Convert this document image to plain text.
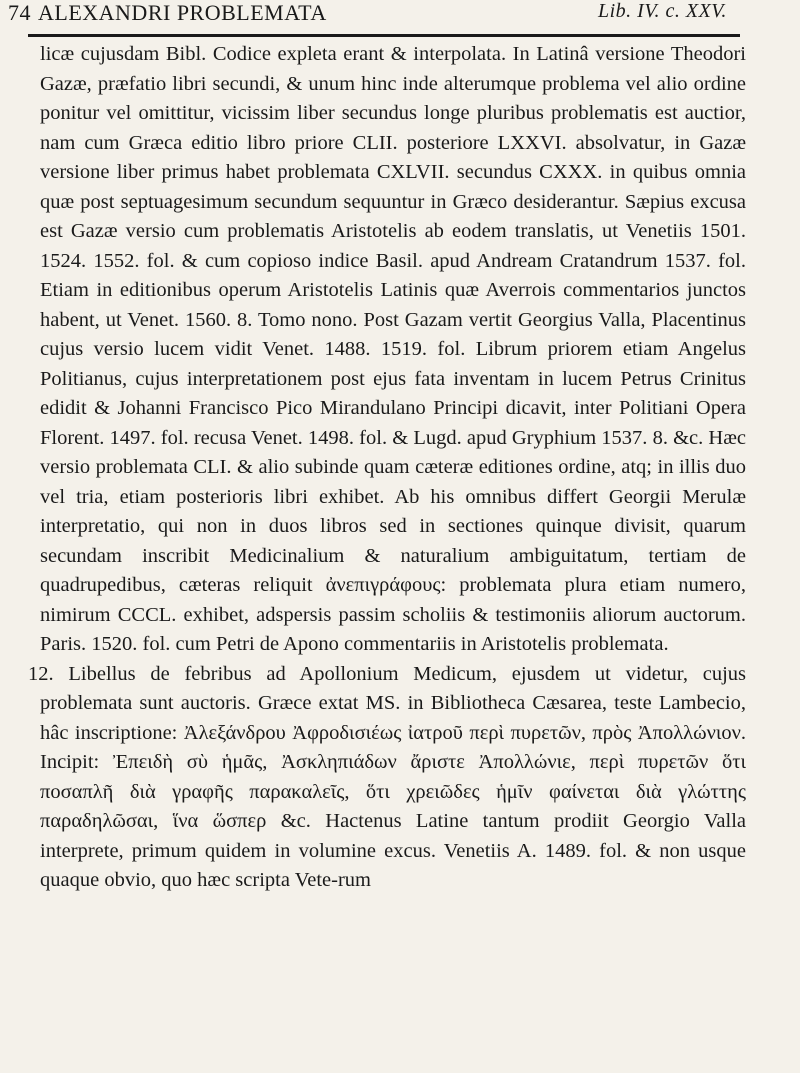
74 ALEXANDRI PROBLEMATA	Lib. IV. c. XXV.

licæ cujusdam Bibl. Codice expleta erant & interpolata. In Latinâ versione Theodori Gazæ, præfatio libri secundi, & unum hinc inde alterumque problema vel alio ordine ponitur vel omittitur, vicissim liber secundus longe pluribus problematis est auctior, nam cum Græca editio libro priore CLII. posteriore LXXVI. absolvatur, in Gazæ versione liber primus habet problemata CXLVII. secundus CXXX. in quibus omnia quæ post septuagesimum secundum sequuntur in Græco desiderantur. Sæpius excusa est Gazæ versio cum problematis Aristotelis ab eodem translatis, ut Venetiis 1501. 1524. 1552. fol. & cum copioso indice Basil. apud Andream Cratandrum 1537. fol. Etiam in editionibus operum Aristotelis Latinis quæ Averrois commentarios junctos habent, ut Venet. 1560. 8. Tomo nono. Post Gazam vertit Georgius Valla, Placentinus cujus versio lucem vidit Venet. 1488. 1519. fol. Librum priorem etiam Angelus Politianus, cujus interpretationem post ejus fata inventam in lucem Petrus Crinitus edidit & Johanni Francisco Pico Mirandulano Principi dicavit, inter Politiani Opera Florent. 1497. fol. recusa Venet. 1498. fol. & Lugd. apud Gryphium 1537. 8. &c. Hæc versio problemata CLI. & alio subinde quam cæteræ editiones ordine, atq; in illis duo vel tria, etiam posterioris libri exhibet. Ab his omnibus differt Georgii Merulæ interpretatio, qui non in duos libros sed in sectiones quinque divisit, quarum secundam inscribit Medicinalium & naturalium ambiguitatum, tertiam de quadrupedibus, cæteras reliquit ἀνεπιγράφους: problemata plura etiam numero, nimirum CCCL. exhibet, adspersis passim scholiis & testimoniis aliorum auctorum. Paris. 1520. fol. cum Petri de Apono commentariis in Aristotelis problemata.

12. Libellus de febribus ad Apollonium Medicum, ejusdem ut videtur, cujus problemata sunt auctoris. Græce extat MS. in Bibliotheca Cæsarea, teste Lambecio, hâc inscriptione: Ἀλεξάνδρου Ἀφροδισιέως ἰατροῦ περὶ πυρετῶν, πρὸς Ἀπολλώνιον. Incipit: Ἐπειδὴ σὺ ἡμᾶς, Ἀσκληπιάδων ἄριστε Ἀπολλώνιε, περὶ πυρετῶν ὅτι ποσαπλῆ διὰ γραφῆς παρακαλεῖς, ὅτι χρειῶδες ἡμῖν φαίνεται διὰ γλώττης παραδηλῶσαι, ἵνα ὥσπερ &c. Hactenus Latine tantum prodiit Georgio Valla interprete, primum quidem in volumine excus. Venetiis A. 1489. fol. & non usque quaque obvio, quo hæc scripta Vete-rum
